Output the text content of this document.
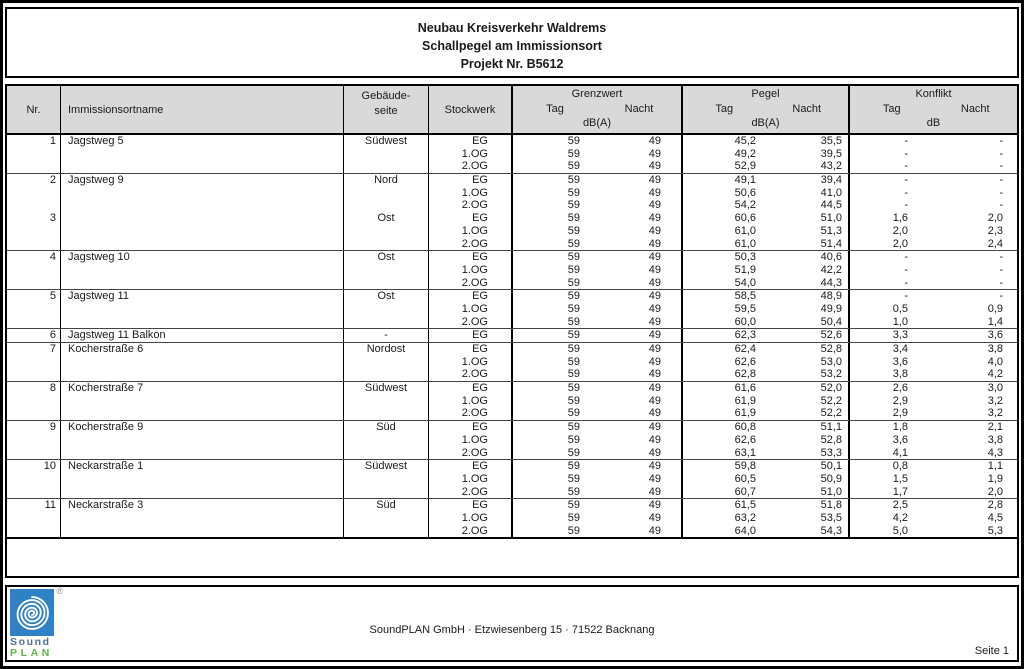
Neubau Kreisverkehr Waldrems
Schallpegel am Immissionsort
Projekt Nr. B5612
Nr. Immissionsortname
Gebäude-
seite	Stockwerk
Grenzwert
Tag	Nacht
dB(A)
Pegel
Tag	Nacht
dB(A)
Konflikt
Tag	Nacht
dB
1	Jagstweg 5	Südwest	EG	59	49	45,2	35,5	-	-
1.OG	59	49	49,2	39,5	-	-
2.OG	59	49	52,9	43,2	-	-
2	Jagstweg 9	Nord	EG	59	49	49,1	39,4	-	-
1.OG	59	49	50,6	41,0	-	-
2.OG	59	49	54,2	44,5	-	-
3	Ost	EG	59	49	60,6	51,0	1,6	2,0
1.OG	59	49	61,0	51,3	2,0	2,3
2.OG	59	49	61,0	51,4	2,0	2,4
4	Jagstweg 10	Ost	EG	59	49	50,3	40,6	-	-
1.OG	59	49	51,9	42,2	-	-
2.OG	59	49	54,0	44,3	-	-
5	Jagstweg 11	Ost	EG	59	49	58,5	48,9	-	-
1.OG	59	49	59,5	49,9	0,5	0,9
2.OG	59	49	60,0	50,4	1,0	1,4
6	Jagstweg 11 Balkon	-	EG	59	49	62,3	52,6	3,3	3,6
7	Kocherstraße 6	Nordost	EG	59	49	62,4	52,8	3,4	3,8
1.OG	59	49	62,6	53,0	3,6	4,0
2.OG	59	49	62,8	53,2	3,8	4,2
8	Kocherstraße 7	Südwest	EG	59	49	61,6	52,0	2,6	3,0
1.OG	59	49	61,9	52,2	2,9	3,2
2.OG	59	49	61,9	52,2	2,9	3,2
9	Kocherstraße 9	Süd	EG	59	49	60,8	51,1	1,8	2,1
1.OG	59	49	62,6	52,8	3,6	3,8
2.OG	59	49	63,1	53,3	4,1	4,3
10	Neckarstraße 1	Südwest	EG	59	49	59,8	50,1	0,8	1,1
1.OG	59	49	60,5	50,9	1,5	1,9
2.OG	59	49	60,7	51,0	1,7	2,0
11	Neckarstraße 3	Süd	EG	59	49	61,5	51,8	2,5	2,8
1.OG	59	49	63,2	53,5	4,2	4,5
2.OG	59	49	64,0	54,3	5,0	5,3
®
Sound
PLAN
SoundPLAN GmbH · Etzwiesenberg 15 · 71522 Backnang
Seite 1
